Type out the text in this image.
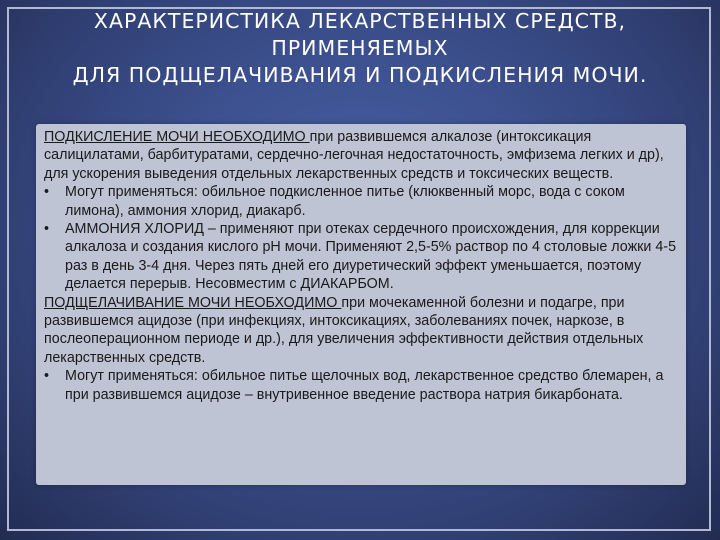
ХАРАКТЕРИСТИКА ЛЕКАРСТВЕННЫХ СРЕДСТВ,
ПРИМЕНЯЕМЫХ
ДЛЯ ПОДЩЕЛАЧИВАНИЯ И ПОДКИСЛЕНИЯ МОЧИ.

ПОДКИСЛЕНИЕ МОЧИ НЕОБХОДИМО при развившемся алкалозе (интоксикация салицилатами, барбитуратами, сердечно-легочная недостаточность, эмфизема легких и др), для ускорения выведения отдельных лекарственных средств и токсических веществ.

•	Могут применяться: обильное подкисленное питье (клюквенный морс, вода с соком лимона), аммония хлорид, диакарб.

•	АММОНИЯ ХЛОРИД – применяют при отеках сердечного происхождения, для коррекции алкалоза и создания кислого рН мочи. Применяют 2,5-5% раствор по 4 столовые ложки 4-5 раз в день 3-4 дня. Через пять дней его диуретический эффект уменьшается, поэтому делается перерыв. Несовместим с ДИАКАРБОМ.

ПОДЩЕЛАЧИВАНИЕ МОЧИ НЕОБХОДИМО при мочекаменной болезни и подагре, при развившемся ацидозе (при инфекциях, интоксикациях, заболеваниях почек, наркозе, в послеоперационном периоде и др.), для увеличения эффективности действия отдельных лекарственных средств.

•	Могут применяться: обильное питье щелочных вод, лекарственное средство блемарен, а при развившемся ацидозе – внутривенное введение раствора натрия бикарбоната.
